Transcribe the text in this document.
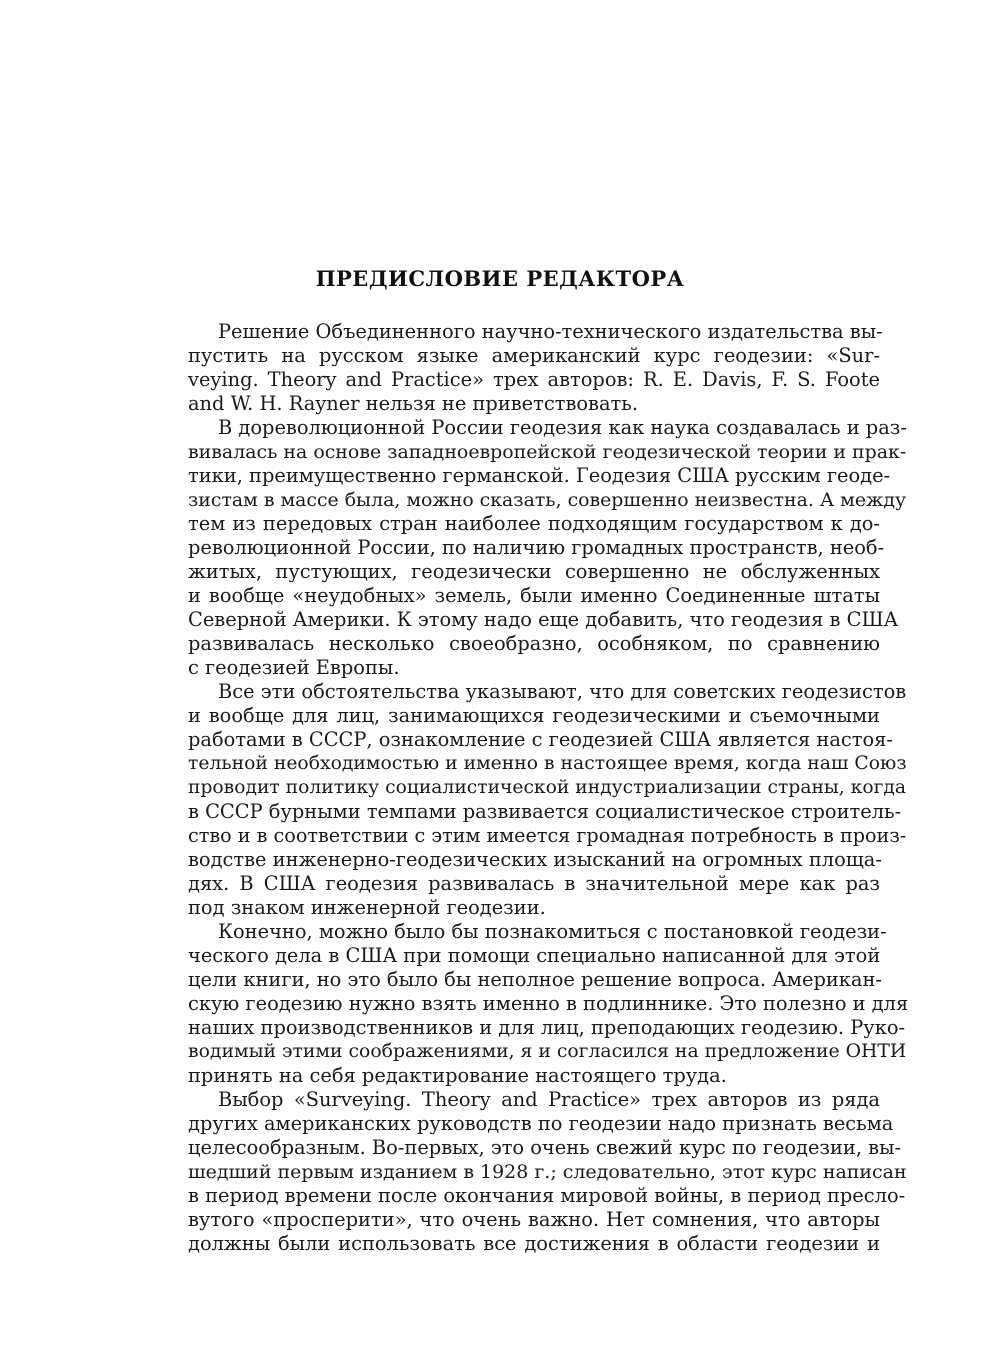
ПРЕДИСЛОВИЕ РЕДАКТОРА
Решение Объединенного научно-технического издательства вы-
пустить на русском языке американский курс геодезии: «Sur-
veying. Theory and Practice» трех авторов: R. E. Davis, F. S. Foote
and W. H. Rayner нельзя не приветствовать.
В дореволюционной России геодезия как наука создавалась и раз-
вивалась на основе западноевропейской геодезической теории и прак-
тики, преимущественно германской. Геодезия США русским геоде-
зистам в массе была, можно сказать, совершенно неизвестна. А между
тем из передовых стран наиболее подходящим государством к до-
революционной России, по наличию громадных пространств, необ-
житых, пустующих, геодезически совершенно не обслуженных
и вообще «неудобных» земель, были именно Соединенные штаты
Северной Америки. К этому надо еще добавить, что геодезия в США
развивалась несколько своеобразно, особняком, по сравнению
с геодезией Европы.
Все эти обстоятельства указывают, что для советских геодезистов
и вообще для лиц, занимающихся геодезическими и съемочными
работами в СССР, ознакомление с геодезией США является настоя-
тельной необходимостью и именно в настоящее время, когда наш Союз
проводит политику социалистической индустриализации страны, когда
в СССР бурными темпами развивается социалистическое строитель-
ство и в соответствии с этим имеется громадная потребность в произ-
водстве инженерно-геодезических изысканий на огромных площа-
дях. В США геодезия развивалась в значительной мере как раз
под знаком инженерной геодезии.
Конечно, можно было бы познакомиться с постановкой геодези-
ческого дела в США при помощи специально написанной для этой
цели книги, но это было бы неполное решение вопроса. Американ-
скую геодезию нужно взять именно в подлиннике. Это полезно и для
наших производственников и для лиц, преподающих геодезию. Руко-
водимый этими соображениями, я и согласился на предложение ОНТИ
принять на себя редактирование настоящего труда.
Выбор «Surveying. Theory and Practice» трех авторов из ряда
других американских руководств по геодезии надо признать весьма
целесообразным. Во-первых, это очень свежий курс по геодезии, вы-
шедший первым изданием в 1928 г.; следовательно, этот курс написан
в период времени после окончания мировой войны, в период преслo-
вутого «просперити», что очень важно. Нет сомнения, что авторы
должны были использовать все достижения в области геодезии и
